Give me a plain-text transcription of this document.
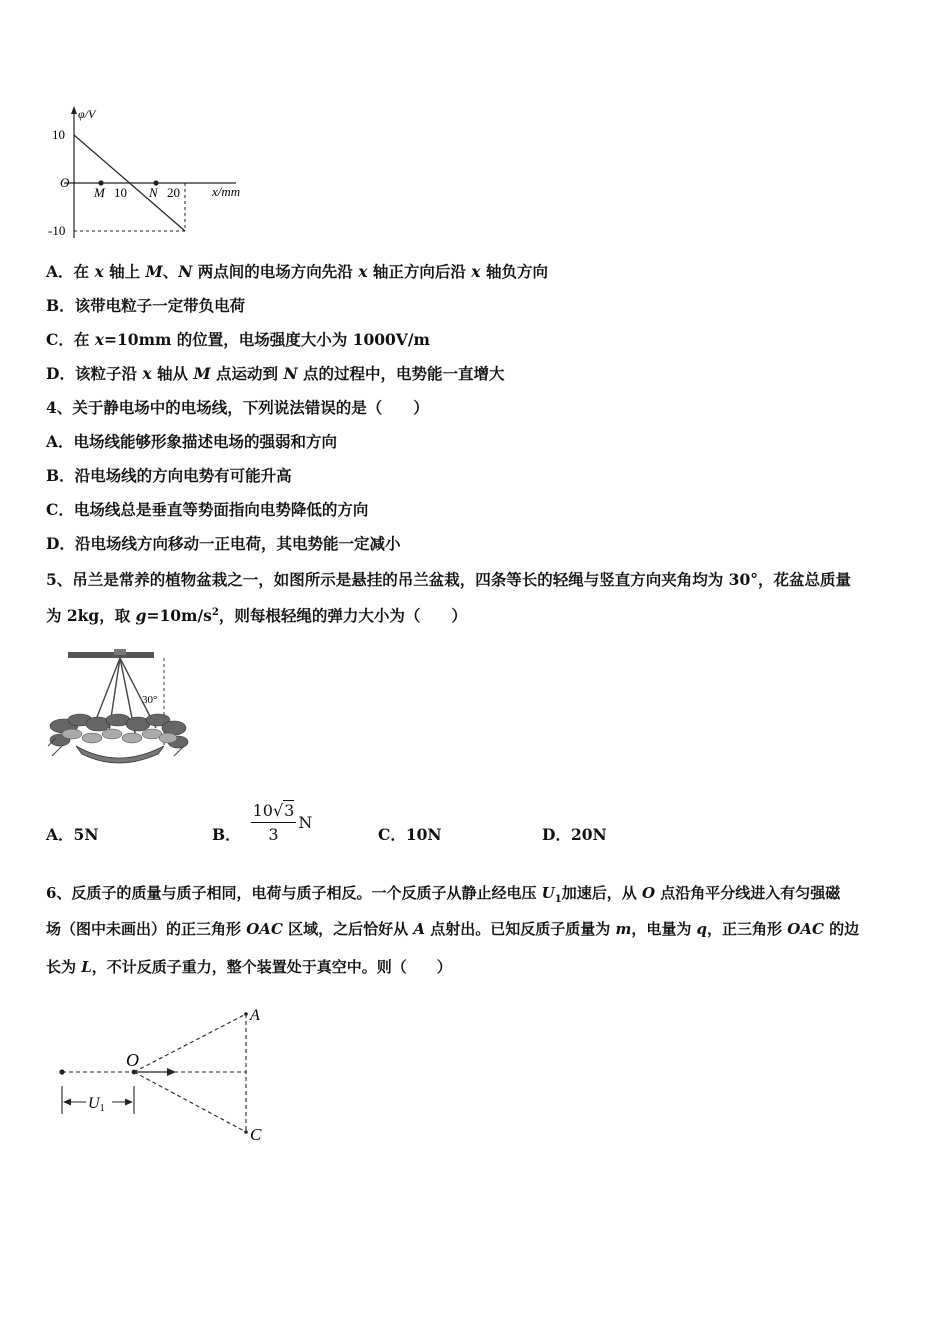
φ/V
10
O
-10
M 10 N 20 x/mm
A．在 x 轴上 M、N 两点间的电场方向先沿 x 轴正方向后沿 x 轴负方向
B．该带电粒子一定带负电荷
C．在 x=10mm 的位置，电场强度大小为 1000V/m
D．该粒子沿 x 轴从 M 点运动到 N 点的过程中，电势能一直增大
4、关于静电场中的电场线，下列说法错误的是（　　）
A．电场线能够形象描述电场的强弱和方向
B．沿电场线的方向电势有可能升高
C．电场线总是垂直等势面指向电势降低的方向
D．沿电场线方向移动一正电荷，其电势能一定减小
5、吊兰是常养的植物盆栽之一，如图所示是悬挂的吊兰盆栽，四条等长的轻绳与竖直方向夹角均为 30°，花盆总质量
为 2kg，取 $g=10m/s^2$，则每根轻绳的弹力大小为（　　）
30°
A．5N	B． $\frac{10√3}{3}$ N
C．10N	D．20N
6、反质子的质量与质子相同，电荷与质子相反。一个反质子从静止经电压 $U_1$加速后，从 O 点沿角平分线进入有匀强磁
场（图中未画出）的正三角形 OAC 区域，之后恰好从 A 点射出。已知反质子质量为 m，电量为 q，正三角形 OAC 的边
长为 L，不计反质子重力，整个装置处于真空中。则（　　）
O
A
C
U1
